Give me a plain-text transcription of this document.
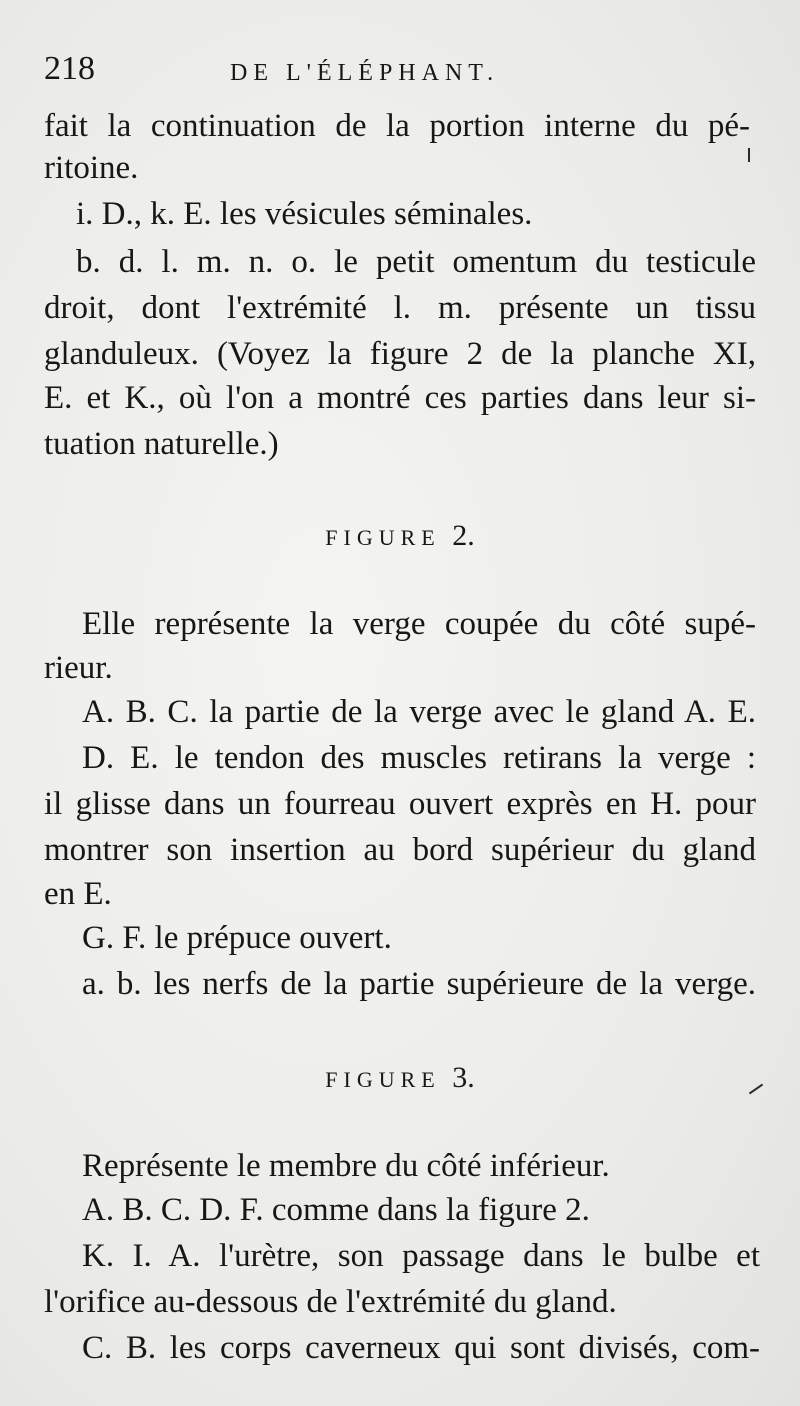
218	DE L'ÉLÉPHANT.
fait la continuation de la portion interne du pé-
ritoine.
i. D., k. E. les vésicules séminales.
b. d. l. m. n. o. le petit omentum du testicule
droit, dont l'extrémité l. m. présente un tissu
glanduleux. (Voyez la figure 2 de la planche XI,
E. et K., où l'on a montré ces parties dans leur si-
tuation naturelle.)
FIGURE 2.
Elle représente la verge coupée du côté supé-
rieur.
A. B. C. la partie de la verge avec le gland A. E.
D. E. le tendon des muscles retirans la verge :
il glisse dans un fourreau ouvert exprès en H. pour
montrer son insertion au bord supérieur du gland
en E.
G. F. le prépuce ouvert.
a. b. les nerfs de la partie supérieure de la verge.
FIGURE 3.
Représente le membre du côté inférieur.
A. B. C. D. F. comme dans la figure 2.
K. I. A. l'urètre, son passage dans le bulbe et
l'orifice au-dessous de l'extrémité du gland.
C. B. les corps caverneux qui sont divisés, com-
